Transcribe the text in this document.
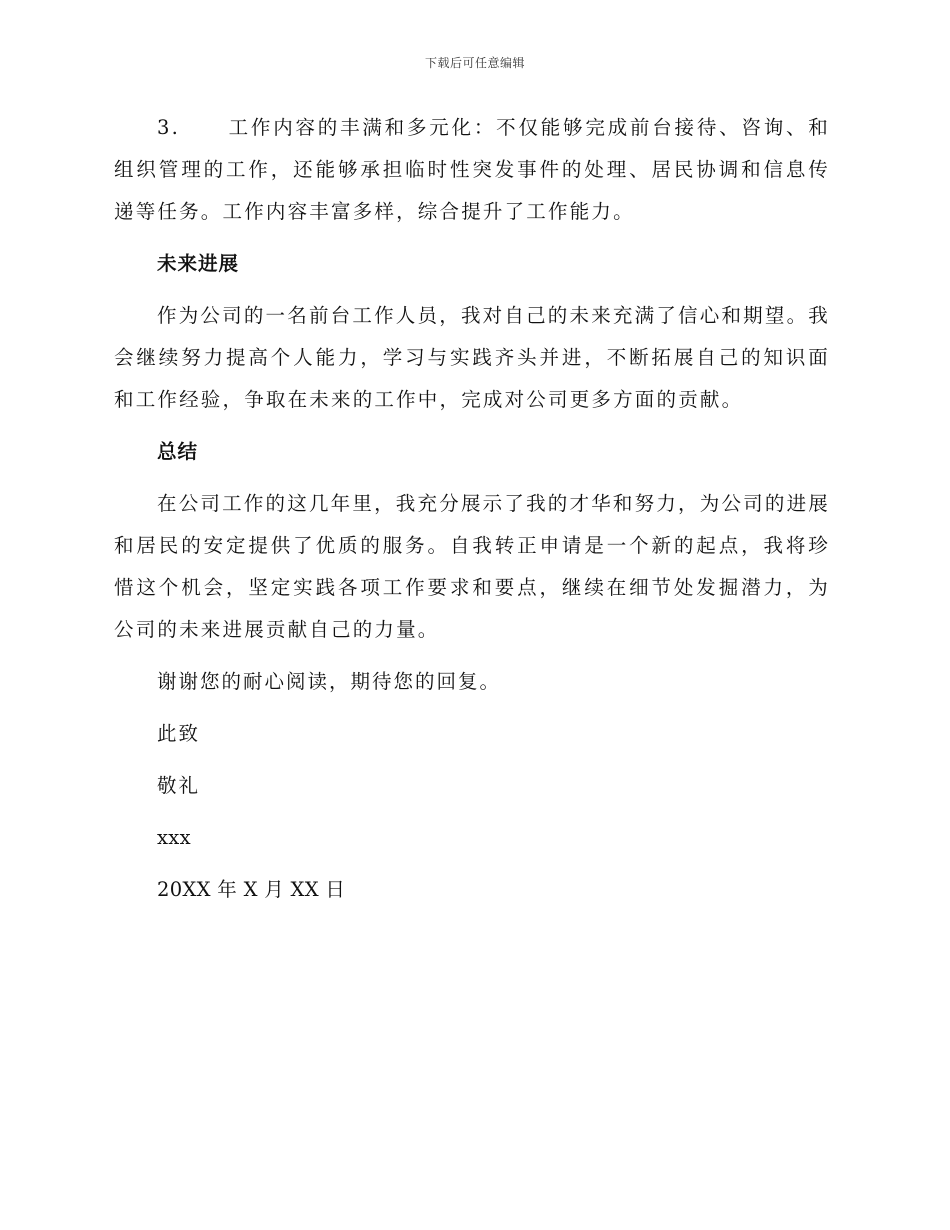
下载后可任意编辑

3. 工作内容的丰满和多元化：不仅能够完成前台接待、咨询、和组织管理的工作，还能够承担临时性突发事件的处理、居民协调和信息传递等任务。工作内容丰富多样，综合提升了工作能力。

未来进展

作为公司的一名前台工作人员，我对自己的未来充满了信心和期望。我会继续努力提高个人能力，学习与实践齐头并进，不断拓展自己的知识面和工作经验，争取在未来的工作中，完成对公司更多方面的贡献。

总结

在公司工作的这几年里，我充分展示了我的才华和努力，为公司的进展和居民的安定提供了优质的服务。自我转正申请是一个新的起点，我将珍惜这个机会，坚定实践各项工作要求和要点，继续在细节处发掘潜力，为公司的未来进展贡献自己的力量。

谢谢您的耐心阅读，期待您的回复。

此致

敬礼

xxx

20XX 年 X 月 XX 日
